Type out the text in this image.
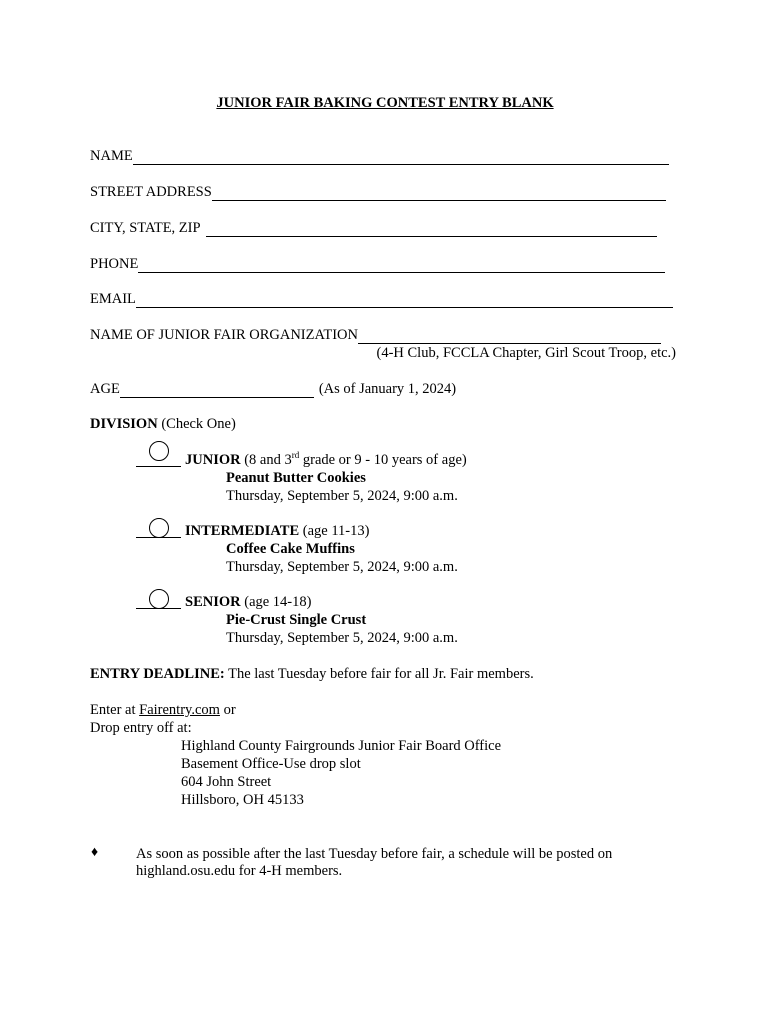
JUNIOR FAIR BAKING CONTEST ENTRY BLANK
NAME
STREET ADDRESS
CITY, STATE, ZIP
PHONE
EMAIL
NAME OF JUNIOR FAIR ORGANIZATION
(4-H Club, FCCLA Chapter, Girl Scout Troop, etc.)
AGE	(As of January 1, 2024)
DIVISION (Check One)
JUNIOR (8 and 3rd grade or 9 - 10 years of age)
Peanut Butter Cookies
Thursday, September 5, 2024, 9:00 a.m.
INTERMEDIATE (age 11-13)
Coffee Cake Muffins
Thursday, September 5, 2024, 9:00 a.m.
SENIOR (age 14-18)
Pie-Crust Single Crust
Thursday, September 5, 2024, 9:00 a.m.
ENTRY DEADLINE: The last Tuesday before fair for all Jr. Fair members.
Enter at Fairentry.com or
Drop entry off at:
Highland County Fairgrounds Junior Fair Board Office
Basement Office-Use drop slot
604 John Street
Hillsboro, OH 45133
♦	As soon as possible after the last Tuesday before fair, a schedule will be posted on
highland.osu.edu for 4-H members.
